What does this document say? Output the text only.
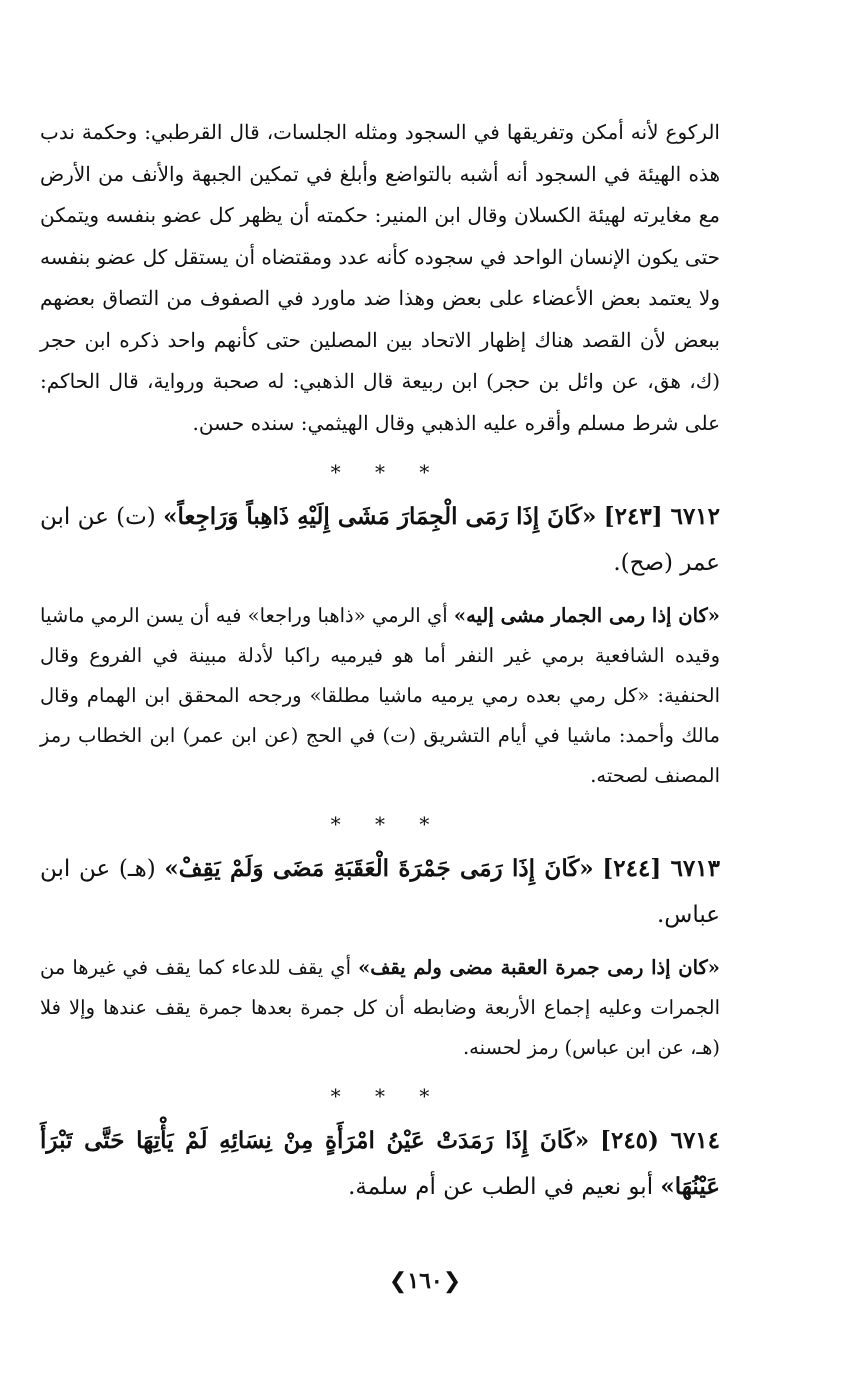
الركوع لأنه أمكن وتفريقها في السجود ومثله الجلسات، قال القرطبي: وحكمة ندب هذه الهيئة في السجود أنه أشبه بالتواضع وأبلغ في تمكين الجبهة والأنف من الأرض مع مغايرته لهيئة الكسلان وقال ابن المنير: حكمته أن يظهر كل عضو بنفسه ويتمكن حتى يكون الإنسان الواحد في سجوده كأنه عدد ومقتضاه أن يستقل كل عضو بنفسه ولا يعتمد بعض الأعضاء على بعض وهذا ضد ماورد في الصفوف من التصاق بعضهم ببعض لأن القصد هناك إظهار الاتحاد بين المصلين حتى كأنهم واحد ذكره ابن حجر (ك، هق، عن وائل بن حجر) ابن ربيعة قال الذهبي: له صحبة ورواية، قال الحاكم: على شرط مسلم وأقره عليه الذهبي وقال الهيثمي: سنده حسن.

* * *

٦٧١٢ [٢٤٣] «كَانَ إِذَا رَمَى الْجِمَارَ مَشَى إِلَيْهِ ذَاهِباً وَرَاجِعاً» (ت) عن ابن عمر (صح).

«كان إذا رمى الجمار مشى إليه» أي الرمي «ذاهبا وراجعا» فيه أن يسن الرمي ماشيا وقيده الشافعية برمي غير النفر أما هو فيرميه راكبا لأدلة مبينة في الفروع وقال الحنفية: «كل رمي بعده رمي يرميه ماشيا مطلقا» ورجحه المحقق ابن الهمام وقال مالك وأحمد: ماشيا في أيام التشريق (ت) في الحج (عن ابن عمر) ابن الخطاب رمز المصنف لصحته.

* * *

٦٧١٣ [٢٤٤] «كَانَ إِذَا رَمَى جَمْرَةَ الْعَقَبَةِ مَضَى وَلَمْ يَقِفْ» (هـ) عن ابن عباس.

«كان إذا رمى جمرة العقبة مضى ولم يقف» أي يقف للدعاء كما يقف في غيرها من الجمرات وعليه إجماع الأربعة وضابطه أن كل جمرة بعدها جمرة يقف عندها وإلا فلا (هـ، عن ابن عباس) رمز لحسنه.

* * *

٦٧١٤ (٢٤٥] «كَانَ إِذَا رَمَدَتْ عَيْنُ امْرَأَةٍ مِنْ نِسَائِهِ لَمْ يَأْتِهَا حَتَّى تَبْرَأَ عَيْنُهَا» أبو نعيم في الطب عن أم سلمة.

❮١٦٠❯
